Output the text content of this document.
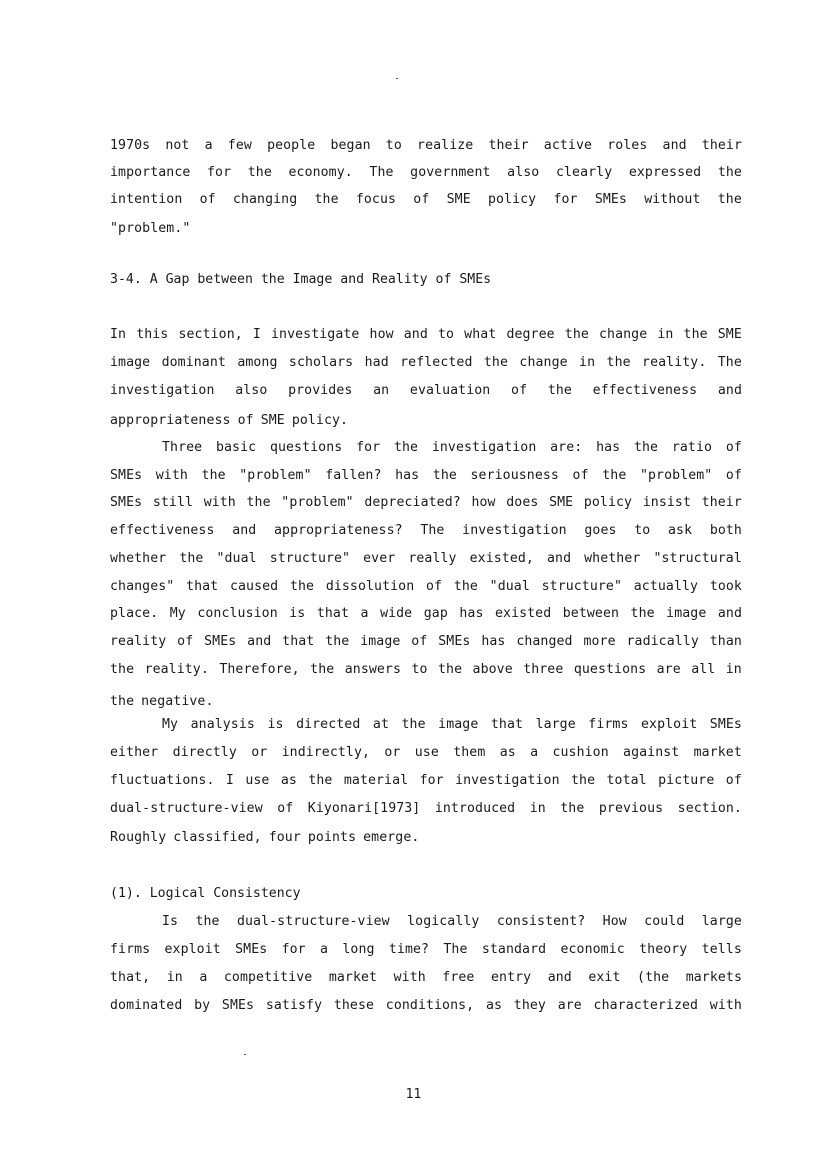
1970s not a few people began to realize their active roles and their
importance for the economy. The government also clearly expressed the
intention of changing the focus of SME policy for SMEs without the
"problem."
3-4. A Gap between the Image and Reality of SMEs
In this section, I investigate how and to what degree the change in the SME
image dominant among scholars had reflected the change in the reality. The
investigation also provides an evaluation of the effectiveness and
appropriateness of SME policy.
Three basic questions for the investigation are: has the ratio of
SMEs with the "problem" fallen? has the seriousness of the "problem" of
SMEs still with the "problem" depreciated? how does SME policy insist their
effectiveness and appropriateness? The investigation goes to ask both
whether the "dual structure" ever really existed, and whether "structural
changes" that caused the dissolution of the "dual structure" actually took
place. My conclusion is that a wide gap has existed between the image and
reality of SMEs and that the image of SMEs has changed more radically than
the reality. Therefore, the answers to the above three questions are all in
the negative.
My analysis is directed at the image that large firms exploit SMEs
either directly or indirectly, or use them as a cushion against market
fluctuations. I use as the material for investigation the total picture of
dual-structure-view of Kiyonari[1973] introduced in the previous section.
Roughly classified, four points emerge.
(1). Logical Consistency
Is the dual-structure-view logically consistent? How could large
firms exploit SMEs for a long time? The standard economic theory tells
that, in a competitive market with free entry and exit (the markets
dominated by SMEs satisfy these conditions, as they are characterized with
11
